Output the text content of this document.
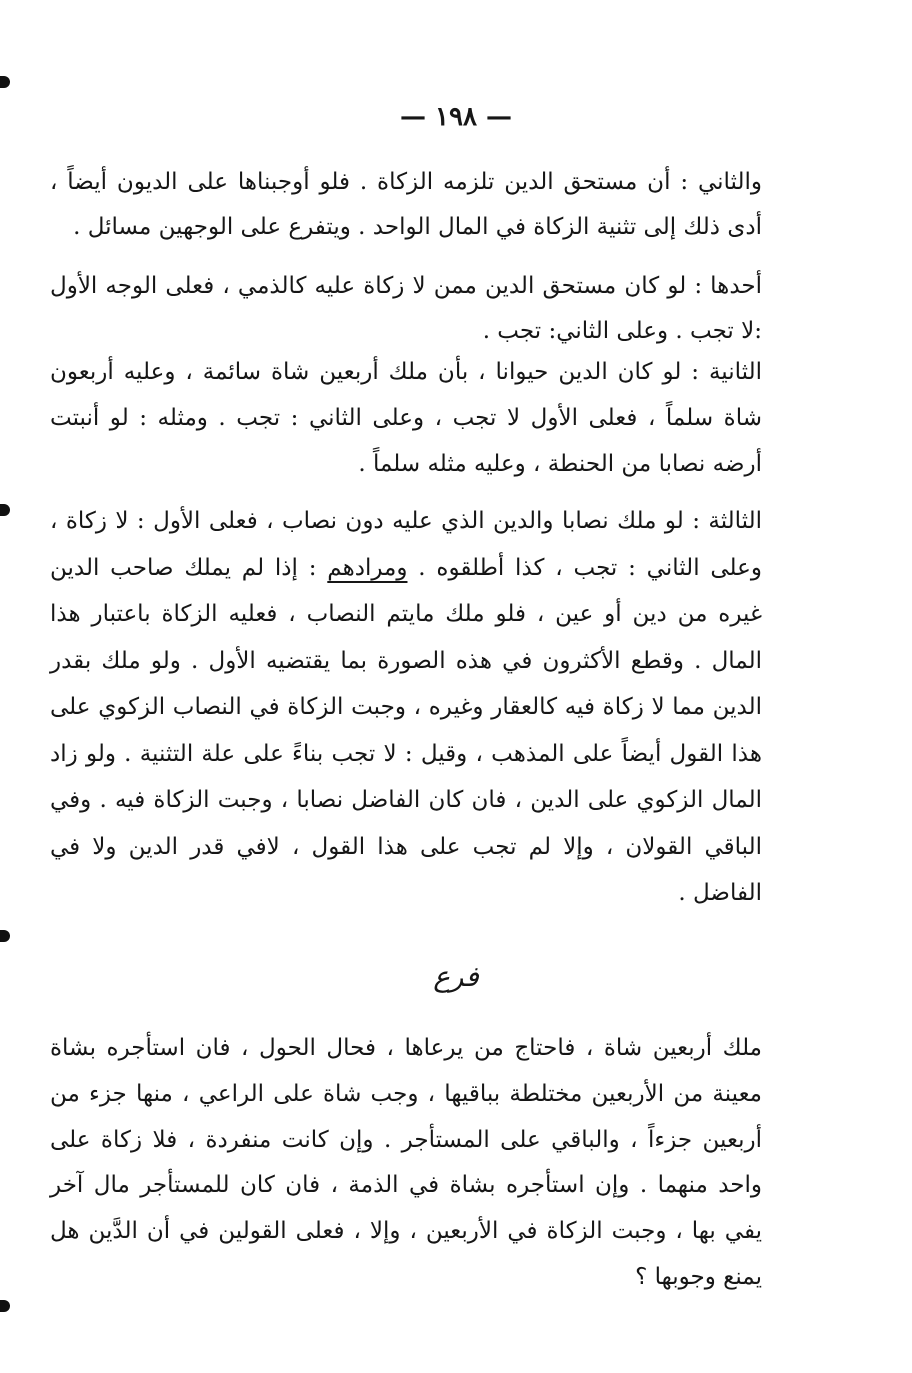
— ١٩٨ —

والثاني : أن مستحق الدين تلزمه الزكاة . فلو أوجبناها على الديون أيضاً ، أدى ذلك إلى تثنية الزكاة في المال الواحد . ويتفرع على الوجهين مسائل .

أحدها : لو كان مستحق الدين ممن لا زكاة عليه كالذمي ، فعلى الوجه الأول :لا تجب . وعلى الثاني: تجب .

الثانية : لو كان الدين حيوانا ، بأن ملك أربعين شاة سائمة ، وعليه أربعون شاة سلماً ، فعلى الأول لا تجب ، وعلى الثاني : تجب . ومثله : لو أنبتت أرضه نصابا من الحنطة ، وعليه مثله سلماً .

الثالثة : لو ملك نصابا والدين الذي عليه دون نصاب ، فعلى الأول : لا زكاة ، وعلى الثاني : تجب ، كذا أطلقوه . ومرادهم : إذا لم يملك صاحب الدين غيره من دين أو عين ، فلو ملك مايتم النصاب ، فعليه الزكاة باعتبار هذا المال . وقطع الأكثرون في هذه الصورة بما يقتضيه الأول . ولو ملك بقدر الدين مما لا زكاة فيه كالعقار وغيره ، وجبت الزكاة في النصاب الزكوي على هذا القول أيضاً على المذهب ، وقيل : لا تجب بناءً على علة التثنية . ولو زاد المال الزكوي على الدين ، فان كان الفاضل نصابا ، وجبت الزكاة فيه . وفي الباقي القولان ، وإلا لم تجب على هذا القول ، لافي قدر الدين ولا في الفاضل .

فرع

ملك أربعين شاة ، فاحتاج من يرعاها ، فحال الحول ، فان استأجره بشاة معينة من الأربعين مختلطة بباقيها ، وجب شاة على الراعي ، منها جزء من أربعين جزءاً ، والباقي على المستأجر . وإن كانت منفردة ، فلا زكاة على واحد منهما . وإن استأجره بشاة في الذمة ، فان كان للمستأجر مال آخر يفي بها ، وجبت الزكاة في الأربعين ، وإلا ، فعلى القولين في أن الدَّين هل يمنع وجوبها ؟
